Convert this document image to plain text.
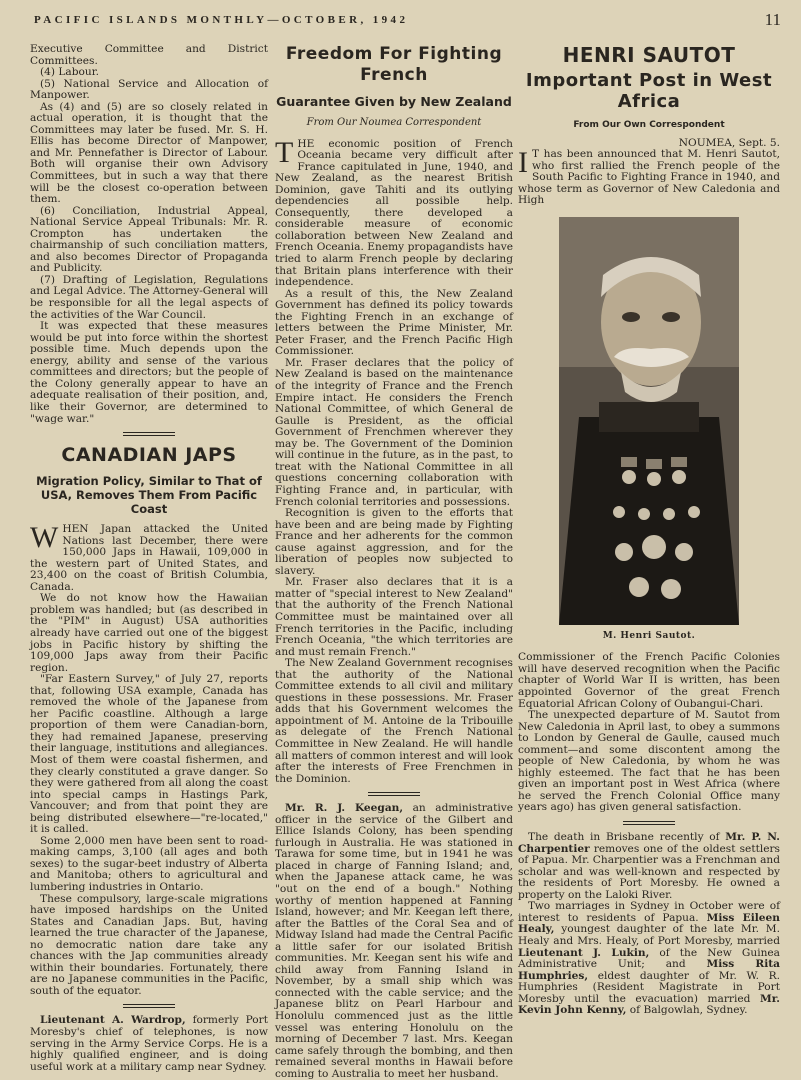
PACIFIC ISLANDS MONTHLY—OCTOBER, 1942	11

Executive Committee and District Committees.

(4) Labour.

(5) National Service and Allocation of Manpower.

As (4) and (5) are so closely related in actual operation, it is thought that the Committees may later be fused. Mr. S. H. Ellis has become Director of Manpower, and Mr. Pennefather is Director of Labour. Both will organise their own Advisory Committees, but in such a way that there will be the closest co-operation between them.

(6) Conciliation, Industrial Appeal, National Service Appeal Tribunals: Mr. R. Crompton has undertaken the chairmanship of such conciliation matters, and also becomes Director of Propaganda and Publicity.

(7) Drafting of Legislation, Regulations and Legal Advice. The Attorney-General will be responsible for all the legal aspects of the activities of the War Council.

It was expected that these measures would be put into force within the shortest possible time. Much depends upon the energy, ability and sense of the various committees and directors; but the people of the Colony generally appear to have an adequate realisation of their position, and, like their Governor, are determined to "wage war."

CANADIAN JAPS
Migration Policy, Similar to That of USA, Removes Them From Pacific Coast

WHEN Japan attacked the United Nations last December, there were 150,000 Japs in Hawaii, 109,000 in the western part of United States, and 23,400 on the coast of British Columbia, Canada.

We do not know how the Hawaiian problem was handled; but (as described in the "PIM" in August) USA authorities already have carried out one of the biggest jobs in Pacific history by shifting the 109,000 Japs away from their Pacific region.

"Far Eastern Survey," of July 27, reports that, following USA example, Canada has removed the whole of the Japanese from her Pacific coastline. Although a large proportion of them were Canadian-born, they had remained Japanese, preserving their language, institutions and allegiances. Most of them were coastal fishermen, and they clearly constituted a grave danger. So they were gathered from all along the coast into special camps in Hastings Park, Vancouver; and from that point they are being distributed elsewhere—"re-located," it is called.

Some 2,000 men have been sent to road-making camps, 3,100 (all ages and both sexes) to the sugar-beet industry of Alberta and Manitoba; others to agricultural and lumbering industries in Ontario.

These compulsory, large-scale migrations have imposed hardships on the United States and Canadian Japs. But, having learned the true character of the Japanese, no democratic nation dare take any chances with the Jap communities already within their boundaries. Fortunately, there are no Japanese communities in the Pacific, south of the equator.

Lieutenant A. Wardrop, formerly Port Moresby's chief of telephones, is now serving in the Army Service Corps. He is a highly qualified engineer, and is doing useful work at a military camp near Sydney.

Freedom For Fighting French
Guarantee Given by New Zealand
From Our Noumea Correspondent

THE economic position of French Oceania became very difficult after France capitulated in June, 1940, and New Zealand, as the nearest British Dominion, gave Tahiti and its outlying dependencies all possible help. Consequently, there developed a considerable measure of economic collaboration between New Zealand and French Oceania. Enemy propagandists have tried to alarm French people by declaring that Britain plans interference with their independence.

As a result of this, the New Zealand Government has defined its policy towards the Fighting French in an exchange of letters between the Prime Minister, Mr. Peter Fraser, and the French Pacific High Commissioner.

Mr. Fraser declares that the policy of New Zealand is based on the maintenance of the integrity of France and the French Empire intact. He considers the French National Committee, of which General de Gaulle is President, as the official Government of Frenchmen wherever they may be. The Government of the Dominion will continue in the future, as in the past, to treat with the National Committee in all questions concerning collaboration with Fighting France and, in particular, with French colonial territories and possessions.

Recognition is given to the efforts that have been and are being made by Fighting France and her adherents for the common cause against aggression, and for the liberation of peoples now subjected to slavery.

Mr. Fraser also declares that it is a matter of "special interest to New Zealand" that the authority of the French National Committee must be maintained over all French territories in the Pacific, including French Oceania, "the which territories are and must remain French."

The New Zealand Government recognises that the authority of the National Committee extends to all civil and military questions in these possessions. Mr. Fraser adds that his Government welcomes the appointment of M. Antoine de la Tribouille as delegate of the French National Committee in New Zealand. He will handle all matters of common interest and will look after the interests of Free Frenchmen in the Dominion.

Mr. R. J. Keegan, an administrative officer in the service of the Gilbert and Ellice Islands Colony, has been spending furlough in Australia. He was stationed in Tarawa for some time, but in 1941 he was placed in charge of Fanning Island; and, when the Japanese attack came, he was "out on the end of a bough." Nothing worthy of mention happened at Fanning Island, however; and Mr. Keegan left there, after the Battles of the Coral Sea and of Midway Island had made the Central Pacific a little safer for our isolated British communities. Mr. Keegan sent his wife and child away from Fanning Island in November, by a small ship which was connected with the cable service; and the Japanese blitz on Pearl Harbour and Honolulu commenced just as the little vessel was entering Honolulu on the morning of December 7 last. Mrs. Keegan came safely through the bombing, and then remained several months in Hawaii before coming to Australia to meet her husband.

HENRI SAUTOT
Important Post in West Africa
From Our Own Correspondent
NOUMEA, Sept. 5.

I T has been announced that M. Henri Sautot, who first rallied the French people of the South Pacific to Fighting France in 1940, and whose term as Governor of New Caledonia and High

M. Henri Sautot.

Commissioner of the French Pacific Colonies will have deserved recognition when the Pacific chapter of World War II is written, has been appointed Governor of the great French Equatorial African Colony of Oubangui-Chari.

The unexpected departure of M. Sautot from New Caledonia in April last, to obey a summons to London by General de Gaulle, caused much comment—and some discontent among the people of New Caledonia, by whom he was highly esteemed. The fact that he has been given an important post in West Africa (where he served the French Colonial Office many years ago) has given general satisfaction.

The death in Brisbane recently of Mr. P. N. Charpentier removes one of the oldest settlers of Papua. Mr. Charpentier was a Frenchman and scholar and was well-known and respected by the residents of Port Moresby. He owned a property on the Laloki River.

Two marriages in Sydney in October were of interest to residents of Papua. Miss Eileen Healy, youngest daughter of the late Mr. M. Healy and Mrs. Healy, of Port Moresby, married Lieutenant J. Lukin, of the New Guinea Administrative Unit; and Miss Rita Humphries, eldest daughter of Mr. W. R. Humphries (Resident Magistrate in Port Moresby until the evacuation) married Mr. Kevin John Kenny, of Balgowlah, Sydney.
